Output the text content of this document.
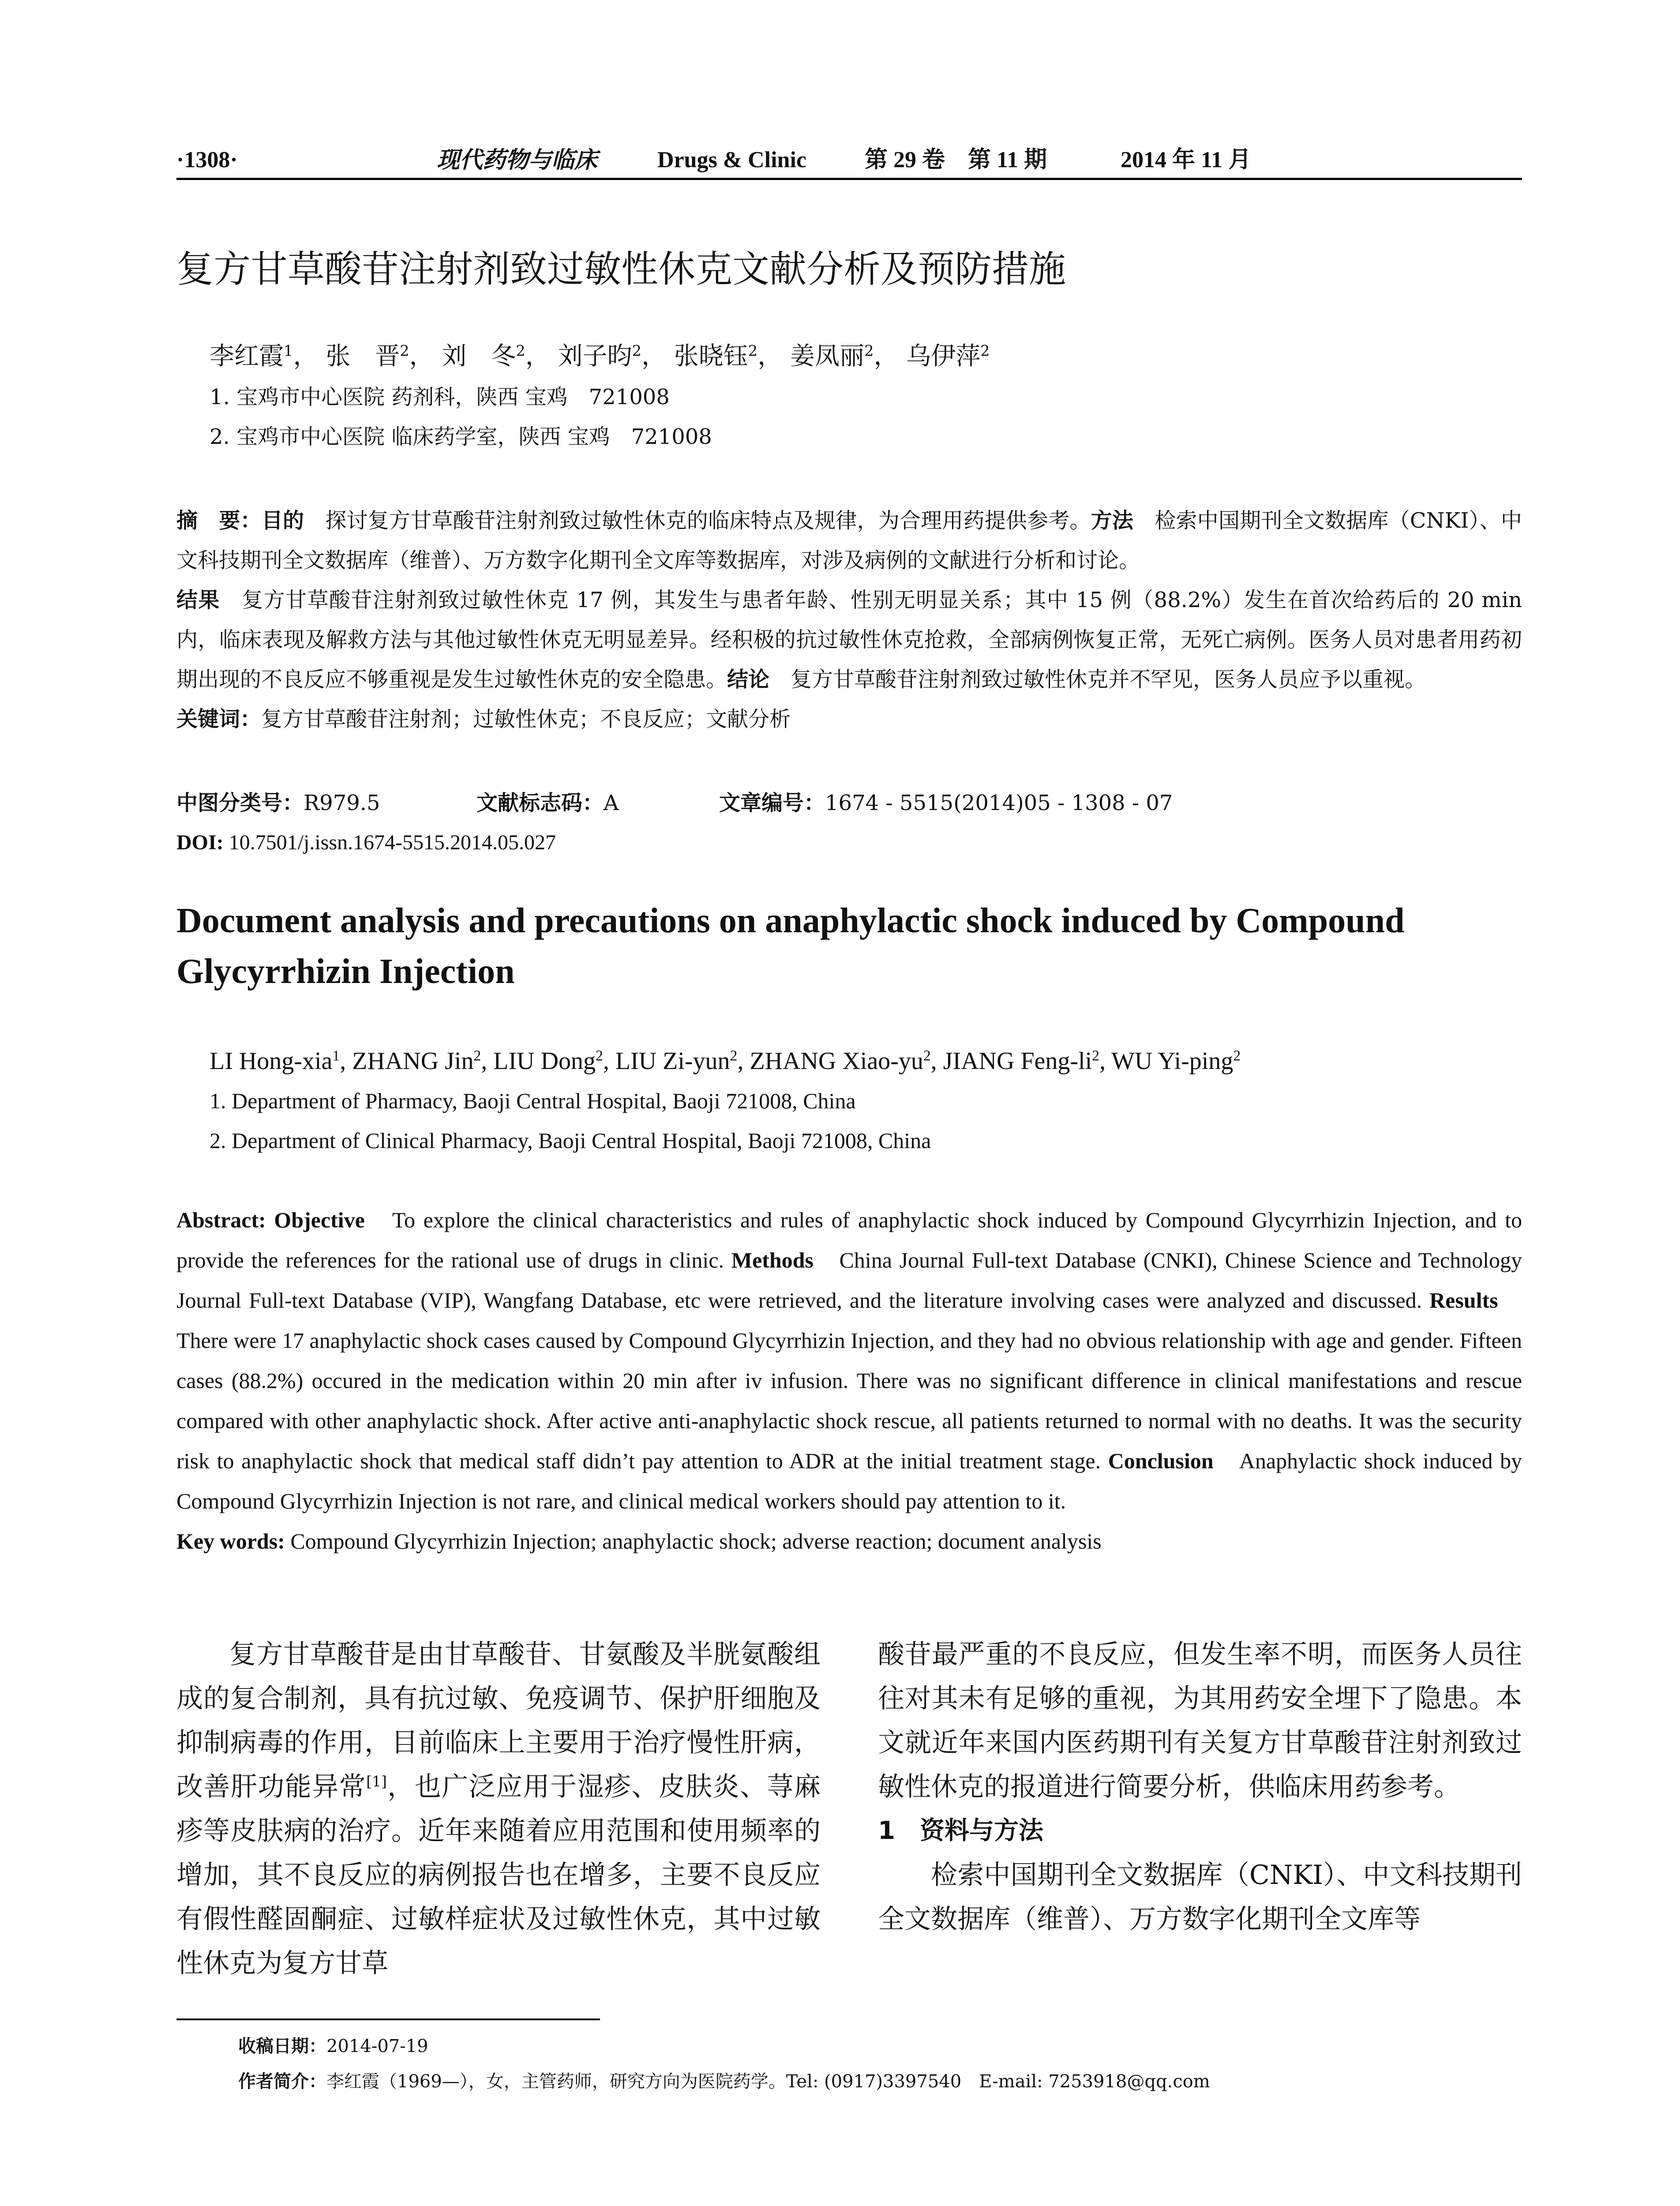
·1308·	现代药物与临床	Drugs & Clinic	第 29 卷　第 11 期	2014 年 11 月
复方甘草酸苷注射剂致过敏性休克文献分析及预防措施
李红霞$^1$， 张　晋$^2$， 刘　冬$^2$， 刘子昀$^2$， 张晓钰$^2$， 姜凤丽$^2$， 乌伊萍$^2$
1. 宝鸡市中心医院 药剂科，陕西 宝鸡　721008
2. 宝鸡市中心医院 临床药学室，陕西 宝鸡　721008
摘　要：目的　探讨复方甘草酸苷注射剂致过敏性休克的临床特点及规律，为合理用药提供参考。方法　检索中国期刊全文数据库（CNKI）、中文科技期刊全文数据库（维普）、万方数字化期刊全文库等数据库，对涉及病例的文献进行分析和讨论。
结果　复方甘草酸苷注射剂致过敏性休克 17 例，其发生与患者年龄、性别无明显关系；其中 15 例（88.2%）发生在首次给药后的 20 min 内，临床表现及解救方法与其他过敏性休克无明显差异。经积极的抗过敏性休克抢救，全部病例恢复正常，无死亡病例。医务人员对患者用药初期出现的不良反应不够重视是发生过敏性休克的安全隐患。结论　复方甘草酸苷注射剂致过敏性休克并不罕见，医务人员应予以重视。
关键词：复方甘草酸苷注射剂；过敏性休克；不良反应；文献分析
中图分类号：R979.5	文献标志码：A	文章编号：1674 - 5515(2014)05 - 1308 - 07
DOI: 10.7501/j.issn.1674-5515.2014.05.027
Document analysis and precautions on anaphylactic shock induced by Compound Glycyrrhizin Injection
LI Hong-xia$^1$, ZHANG Jin$^2$, LIU Dong$^2$, LIU Zi-yun$^2$, ZHANG Xiao-$yu^2$, JIANG Feng-$li^2$, WU Yi-ping$^2$
1. Department of Pharmacy, Baoji Central Hospital, Baoji 721008, China
2. Department of Clinical Pharmacy, Baoji Central Hospital, Baoji 721008, China
Abstract: Objective　To explore the clinical characteristics and rules of anaphylactic shock induced by Compound Glycyrrhizin Injection, and to provide the references for the rational use of drugs in clinic. Methods　China Journal Full-text Database (CNKI), Chinese Science and Technology Journal Full-text Database (VIP), Wangfang Database, etc were retrieved, and the literature involving cases were analyzed and discussed. Results　There were 17 anaphylactic shock cases caused by Compound Glycyrrhizin Injection, and they had no obvious relationship with age and gender. Fifteen cases (88.2%) occured in the medication within 20 min after iv infusion. There was no significant difference in clinical manifestations and rescue compared with other anaphylactic shock. After active anti-anaphylactic shock rescue, all patients returned to normal with no deaths. It was the security risk to anaphylactic shock that medical staff didn’t pay attention to ADR at the initial treatment stage. Conclusion　Anaphylactic shock induced by Compound Glycyrrhizin Injection is not rare, and clinical medical workers should pay attention to it.
Key words: Compound Glycyrrhizin Injection; anaphylactic shock; adverse reaction; document analysis

复方甘草酸苷是由甘草酸苷、甘氨酸及半胱氨酸组成的复合制剂，具有抗过敏、免疫调节、保护肝细胞及抑制病毒的作用，目前临床上主要用于治疗慢性肝病，改善肝功能异常[1]，也广泛应用于湿疹、皮肤炎、荨麻疹等皮肤病的治疗。近年来随着应用范围和使用频率的增加，其不良反应的病例报告也在增多，主要不良反应有假性醛固酮症、过敏样症状及过敏性休克，其中过敏性休克为复方甘草

酸苷最严重的不良反应，但发生率不明，而医务人员往往对其未有足够的重视，为其用药安全埋下了隐患。本文就近年来国内医药期刊有关复方甘草酸苷注射剂致过敏性休克的报道进行简要分析，供临床用药参考。

1　资料与方法

检索中国期刊全文数据库（CNKI）、中文科技期刊全文数据库（维普）、万方数字化期刊全文库等

收稿日期：2014-07-19
作者简介：李红霞（1969—），女，主管药师，研究方向为医院药学。Tel: (0917)3397540　E-mail: 7253918@qq.com
